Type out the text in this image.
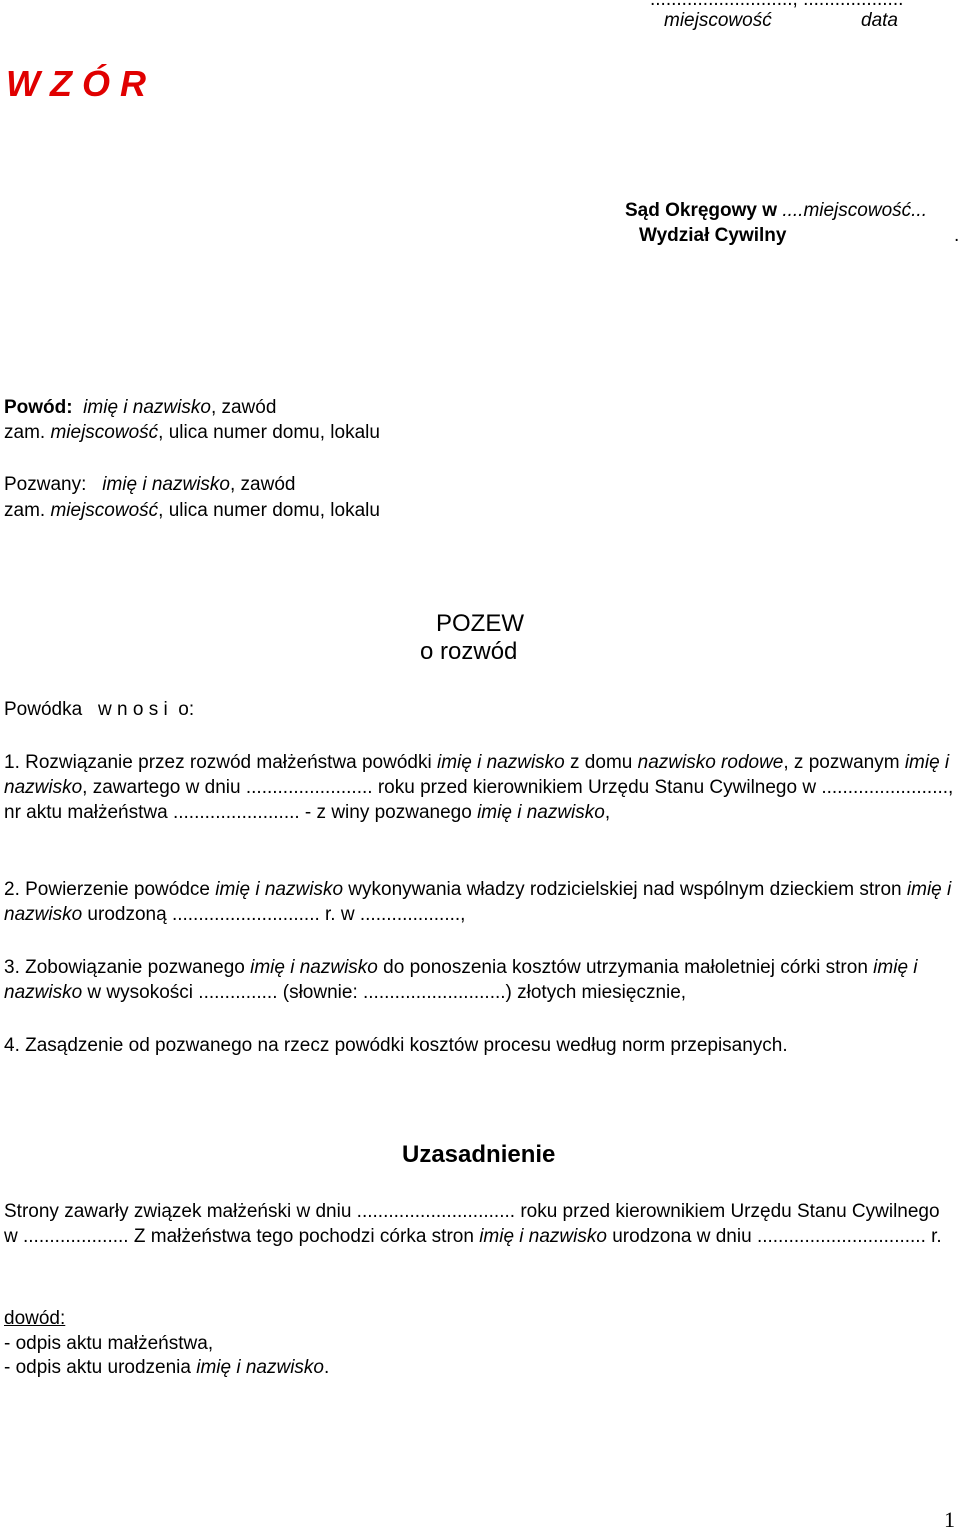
miejscowość	data
W Z Ó R
Sąd Okręgowy w ....miejscowość...
Wydział Cywilny	.
Powód: imię i nazwisko, zawód
zam. miejscowość, ulica numer domu, lokalu
Pozwany: imię i nazwisko, zawód
zam. miejscowość, ulica numer domu, lokalu
POZEW
o rozwód
Powódka   w n o s i  o:
1. Rozwiązanie przez rozwód małżeństwa powódki imię i nazwisko z domu nazwisko rodowe, z pozwanym imię i nazwisko, zawartego w dniu ........................ roku przed kierownikiem Urzędu Stanu Cywilnego w ........................, nr aktu małżeństwa ........................ - z winy pozwanego imię i nazwisko,
2. Powierzenie powódce imię i nazwisko wykonywania władzy rodzicielskiej nad wspólnym dzieckiem stron imię i nazwisko urodzoną ............................ r. w ...................,
3. Zobowiązanie pozwanego imię i nazwisko do ponoszenia kosztów utrzymania małoletniej córki stron imię i nazwisko w wysokości ............... (słownie: ...........................) złotych miesięcznie,
4. Zasądzenie od pozwanego na rzecz powódki kosztów procesu według norm przepisanych.
Uzasadnienie
Strony zawarły związek małżeński w dniu .............................. roku przed kierownikiem Urzędu Stanu Cywilnego w .................... Z małżeństwa tego pochodzi córka stron imię i nazwisko urodzona w dniu ................................ r.
dowód:
- odpis aktu małżeństwa,
- odpis aktu urodzenia imię i nazwisko.
1
